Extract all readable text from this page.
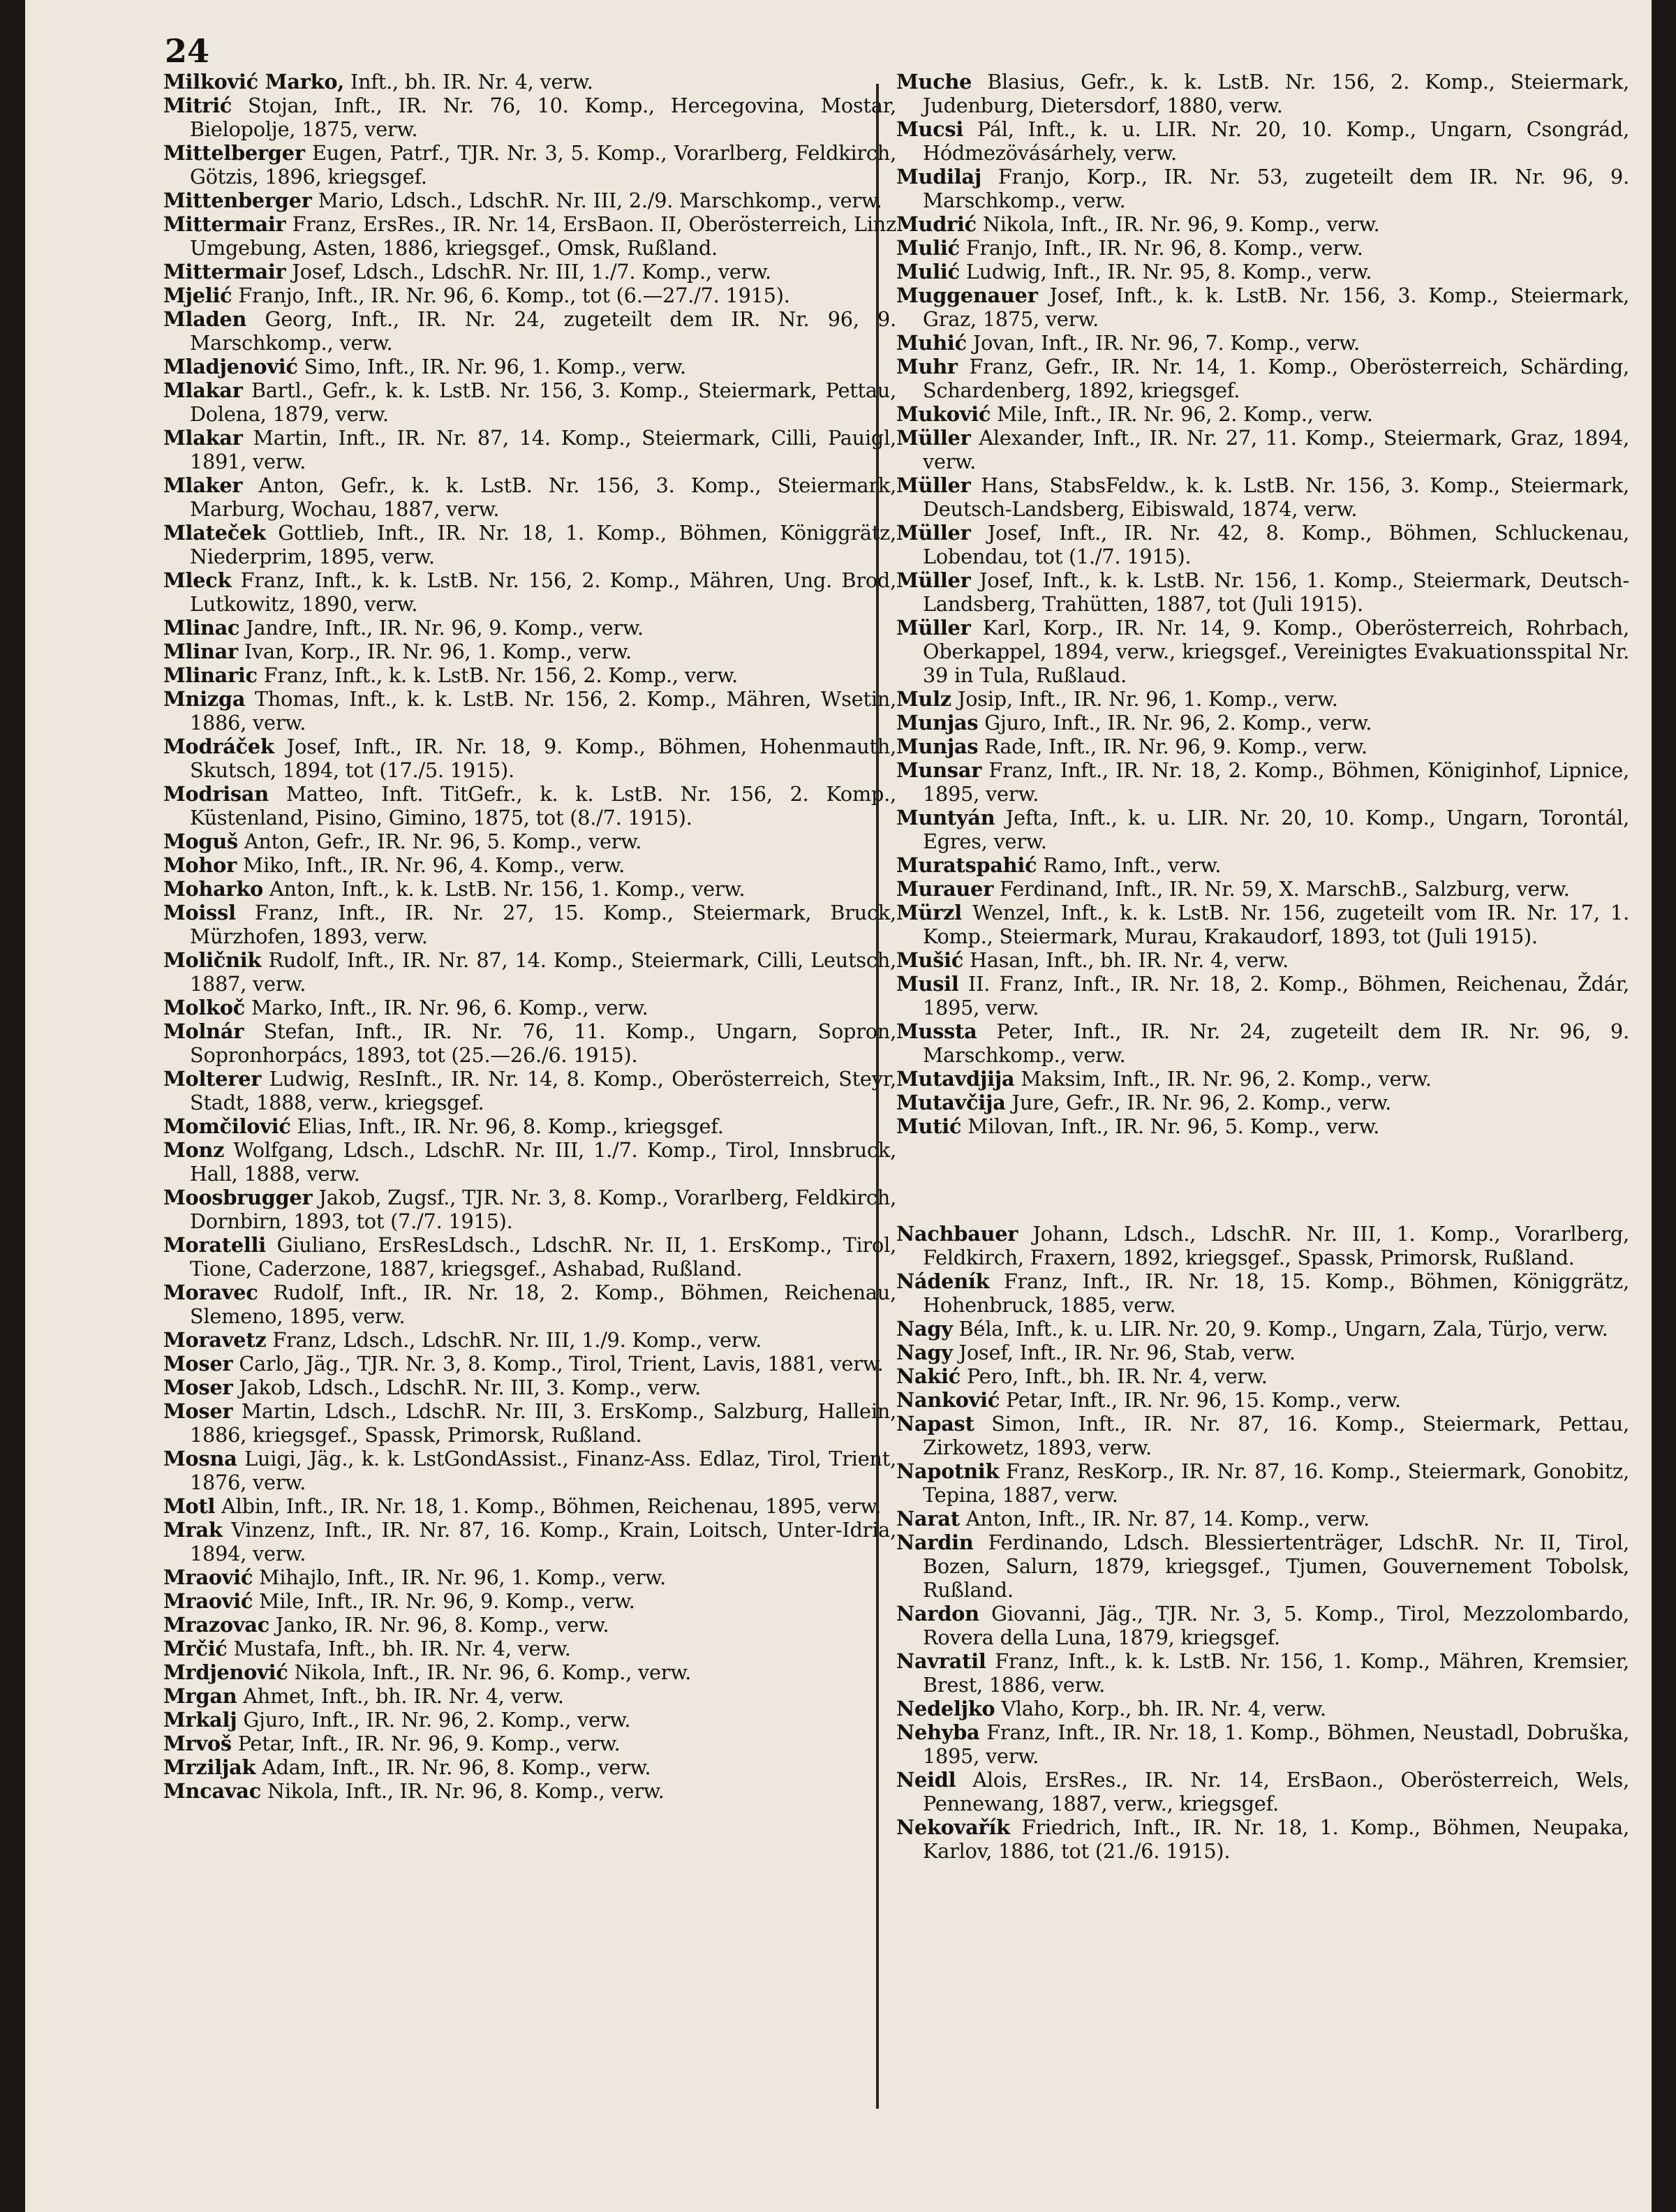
24

Milković Marko, Inft., bh. IR. Nr. 4, verw.

Mitrić Stojan, Inft., IR. Nr. 76, 10. Komp., Hercegovina, Mostar, Bielopolje, 1875, verw.

Mittelberger Eugen, Patrf., TJR. Nr. 3, 5. Komp., Vorarlberg, Feldkirch, Götzis, 1896, kriegsgef.

Mittenberger Mario, Ldsch., LdschR. Nr. III, 2./9. Marschkomp., verw.

Mittermair Franz, ErsRes., IR. Nr. 14, ErsBaon. II, Oberösterreich, Linz Umgebung, Asten, 1886, kriegsgef., Omsk, Rußland.

Mittermair Josef, Ldsch., LdschR. Nr. III, 1./7. Komp., verw.

Mjelić Franjo, Inft., IR. Nr. 96, 6. Komp., tot (6.—27./7. 1915).

Mladen Georg, Inft., IR. Nr. 24, zugeteilt dem IR. Nr. 96, 9. Marschkomp., verw.

Mladjenović Simo, Inft., IR. Nr. 96, 1. Komp., verw.

Mlakar Bartl., Gefr., k. k. LstB. Nr. 156, 3. Komp., Steiermark, Pettau, Dolena, 1879, verw.

Mlakar Martin, Inft., IR. Nr. 87, 14. Komp., Steiermark, Cilli, Pauigl, 1891, verw.

Mlaker Anton, Gefr., k. k. LstB. Nr. 156, 3. Komp., Steiermark, Marburg, Wochau, 1887, verw.

Mlateček Gottlieb, Inft., IR. Nr. 18, 1. Komp., Böhmen, Königgrätz, Niederprim, 1895, verw.

Mleck Franz, Inft., k. k. LstB. Nr. 156, 2. Komp., Mähren, Ung. Brod, Lutkowitz, 1890, verw.

Mlinac Jandre, Inft., IR. Nr. 96, 9. Komp., verw.

Mlinar Ivan, Korp., IR. Nr. 96, 1. Komp., verw.

Mlinaric Franz, Inft., k. k. LstB. Nr. 156, 2. Komp., verw.

Mnizga Thomas, Inft., k. k. LstB. Nr. 156, 2. Komp., Mähren, Wsetin, 1886, verw.

Modráček Josef, Inft., IR. Nr. 18, 9. Komp., Böhmen, Hohenmauth, Skutsch, 1894, tot (17./5. 1915).

Modrisan Matteo, Inft. TitGefr., k. k. LstB. Nr. 156, 2. Komp., Küstenland, Pisino, Gimino, 1875, tot (8./7. 1915).

Moguš Anton, Gefr., IR. Nr. 96, 5. Komp., verw.

Mohor Miko, Inft., IR. Nr. 96, 4. Komp., verw.

Moharko Anton, Inft., k. k. LstB. Nr. 156, 1. Komp., verw.

Moissl Franz, Inft., IR. Nr. 27, 15. Komp., Steiermark, Bruck, Mürzhofen, 1893, verw.

Moličnik Rudolf, Inft., IR. Nr. 87, 14. Komp., Steiermark, Cilli, Leutsch, 1887, verw.

Molkoč Marko, Inft., IR. Nr. 96, 6. Komp., verw.

Molnár Stefan, Inft., IR. Nr. 76, 11. Komp., Ungarn, Sopron, Sopronhorpács, 1893, tot (25.—26./6. 1915).

Molterer Ludwig, ResInft., IR. Nr. 14, 8. Komp., Oberösterreich, Steyr, Stadt, 1888, verw., kriegsgef.

Momčilović Elias, Inft., IR. Nr. 96, 8. Komp., kriegsgef.

Monz Wolfgang, Ldsch., LdschR. Nr. III, 1./7. Komp., Tirol, Innsbruck, Hall, 1888, verw.

Moosbrugger Jakob, Zugsf., TJR. Nr. 3, 8. Komp., Vorarlberg, Feldkirch, Dornbirn, 1893, tot (7./7. 1915).

Moratelli Giuliano, ErsResLdsch., LdschR. Nr. II, 1. ErsKomp., Tirol, Tione, Caderzone, 1887, kriegsgef., Ashabad, Rußland.

Moravec Rudolf, Inft., IR. Nr. 18, 2. Komp., Böhmen, Reichenau, Slemeno, 1895, verw.

Moravetz Franz, Ldsch., LdschR. Nr. III, 1./9. Komp., verw.

Moser Carlo, Jäg., TJR. Nr. 3, 8. Komp., Tirol, Trient, Lavis, 1881, verw.

Moser Jakob, Ldsch., LdschR. Nr. III, 3. Komp., verw.

Moser Martin, Ldsch., LdschR. Nr. III, 3. ErsKomp., Salzburg, Hallein, 1886, kriegsgef., Spassk, Primorsk, Rußland.

Mosna Luigi, Jäg., k. k. LstGondAssist., Finanz-Ass. Edlaz, Tirol, Trient, 1876, verw.

Motl Albin, Inft., IR. Nr. 18, 1. Komp., Böhmen, Reichenau, 1895, verw.

Mrak Vinzenz, Inft., IR. Nr. 87, 16. Komp., Krain, Loitsch, Unter-Idria, 1894, verw.

Mraović Mihajlo, Inft., IR. Nr. 96, 1. Komp., verw.

Mraović Mile, Inft., IR. Nr. 96, 9. Komp., verw.

Mrazovac Janko, IR. Nr. 96, 8. Komp., verw.

Mrčić Mustafa, Inft., bh. IR. Nr. 4, verw.

Mrdjenović Nikola, Inft., IR. Nr. 96, 6. Komp., verw.

Mrgan Ahmet, Inft., bh. IR. Nr. 4, verw.

Mrkalj Gjuro, Inft., IR. Nr. 96, 2. Komp., verw.

Mrvoš Petar, Inft., IR. Nr. 96, 9. Komp., verw.

Mrziljak Adam, Inft., IR. Nr. 96, 8. Komp., verw.

Mncavac Nikola, Inft., IR. Nr. 96, 8. Komp., verw.

Muche Blasius, Gefr., k. k. LstB. Nr. 156, 2. Komp., Steiermark, Judenburg, Dietersdorf, 1880, verw.

Mucsi Pál, Inft., k. u. LIR. Nr. 20, 10. Komp., Ungarn, Csongrád, Hódmezövásárhely, verw.

Mudilaj Franjo, Korp., IR. Nr. 53, zugeteilt dem IR. Nr. 96, 9. Marschkomp., verw.

Mudrić Nikola, Inft., IR. Nr. 96, 9. Komp., verw.

Mulić Franjo, Inft., IR. Nr. 96, 8. Komp., verw.

Mulić Ludwig, Inft., IR. Nr. 95, 8. Komp., verw.

Muggenauer Josef, Inft., k. k. LstB. Nr. 156, 3. Komp., Steiermark, Graz, 1875, verw.

Muhić Jovan, Inft., IR. Nr. 96, 7. Komp., verw.

Muhr Franz, Gefr., IR. Nr. 14, 1. Komp., Oberösterreich, Schärding, Schardenberg, 1892, kriegsgef.

Muković Mile, Inft., IR. Nr. 96, 2. Komp., verw.

Müller Alexander, Inft., IR. Nr. 27, 11. Komp., Steiermark, Graz, 1894, verw.

Müller Hans, StabsFeldw., k. k. LstB. Nr. 156, 3. Komp., Steiermark, Deutsch-Landsberg, Eibiswald, 1874, verw.

Müller Josef, Inft., IR. Nr. 42, 8. Komp., Böhmen, Schluckenau, Lobendau, tot (1./7. 1915).

Müller Josef, Inft., k. k. LstB. Nr. 156, 1. Komp., Steiermark, Deutsch-Landsberg, Trahütten, 1887, tot (Juli 1915).

Müller Karl, Korp., IR. Nr. 14, 9. Komp., Oberösterreich, Rohrbach, Oberkappel, 1894, verw., kriegsgef., Vereinigtes Evakuationsspital Nr. 39 in Tula, Rußlaud.

Mulz Josip, Inft., IR. Nr. 96, 1. Komp., verw.

Munjas Gjuro, Inft., IR. Nr. 96, 2. Komp., verw.

Munjas Rade, Inft., IR. Nr. 96, 9. Komp., verw.

Munsar Franz, Inft., IR. Nr. 18, 2. Komp., Böhmen, Königinhof, Lipnice, 1895, verw.

Muntyán Jefta, Inft., k. u. LIR. Nr. 20, 10. Komp., Ungarn, Torontál, Egres, verw.

Muratspahić Ramo, Inft., verw.

Murauer Ferdinand, Inft., IR. Nr. 59, X. MarschB., Salzburg, verw.

Mürzl Wenzel, Inft., k. k. LstB. Nr. 156, zugeteilt vom IR. Nr. 17, 1. Komp., Steiermark, Murau, Krakaudorf, 1893, tot (Juli 1915).

Mušić Hasan, Inft., bh. IR. Nr. 4, verw.

Musil II. Franz, Inft., IR. Nr. 18, 2. Komp., Böhmen, Reichenau, Ždár, 1895, verw.

Mussta Peter, Inft., IR. Nr. 24, zugeteilt dem IR. Nr. 96, 9. Marschkomp., verw.

Mutavdjija Maksim, Inft., IR. Nr. 96, 2. Komp., verw.

Mutavčija Jure, Gefr., IR. Nr. 96, 2. Komp., verw.

Mutić Milovan, Inft., IR. Nr. 96, 5. Komp., verw.

Nachbauer Johann, Ldsch., LdschR. Nr. III, 1. Komp., Vorarlberg, Feldkirch, Fraxern, 1892, kriegsgef., Spassk, Primorsk, Rußland.

Nádeník Franz, Inft., IR. Nr. 18, 15. Komp., Böhmen, Königgrätz, Hohenbruck, 1885, verw.

Nagy Béla, Inft., k. u. LIR. Nr. 20, 9. Komp., Ungarn, Zala, Türjo, verw.

Nagy Josef, Inft., IR. Nr. 96, Stab, verw.

Nakić Pero, Inft., bh. IR. Nr. 4, verw.

Nanković Petar, Inft., IR. Nr. 96, 15. Komp., verw.

Napast Simon, Inft., IR. Nr. 87, 16. Komp., Steiermark, Pettau, Zirkowetz, 1893, verw.

Napotnik Franz, ResKorp., IR. Nr. 87, 16. Komp., Steiermark, Gonobitz, Tepina, 1887, verw.

Narat Anton, Inft., IR. Nr. 87, 14. Komp., verw.

Nardin Ferdinando, Ldsch. Blessiertenträger, LdschR. Nr. II, Tirol, Bozen, Salurn, 1879, kriegsgef., Tjumen, Gouvernement Tobolsk, Rußland.

Nardon Giovanni, Jäg., TJR. Nr. 3, 5. Komp., Tirol, Mezzolombardo, Rovera della Luna, 1879, kriegsgef.

Navratil Franz, Inft., k. k. LstB. Nr. 156, 1. Komp., Mähren, Kremsier, Brest, 1886, verw.

Nedeljko Vlaho, Korp., bh. IR. Nr. 4, verw.

Nehyba Franz, Inft., IR. Nr. 18, 1. Komp., Böhmen, Neustadl, Dobruška, 1895, verw.

Neidl Alois, ErsRes., IR. Nr. 14, ErsBaon., Oberösterreich, Wels, Pennewang, 1887, verw., kriegsgef.

Nekovařík Friedrich, Inft., IR. Nr. 18, 1. Komp., Böhmen, Neupaka, Karlov, 1886, tot (21./6. 1915).
